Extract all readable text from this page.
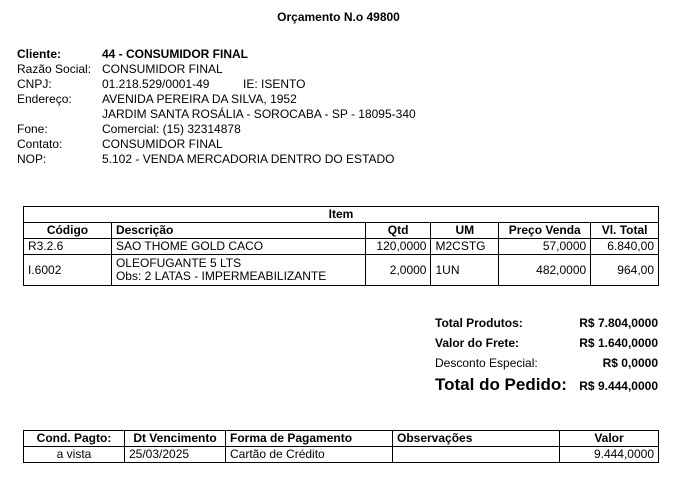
Orçamento N.o 49800
Cliente:	44 - CONSUMIDOR FINAL
Razão Social: CONSUMIDOR FINAL
CNPJ:	01.218.529/0001-49	IE: ISENTO
Endereço:	AVENIDA PEREIRA DA SILVA, 1952
JARDIM SANTA ROSÁLIA - SOROCABA - SP - 18095-340
Fone:	Comercial: (15) 32314878
Contato:	CONSUMIDOR FINAL
NOP:	5.102 - VENDA MERCADORIA DENTRO DO ESTADO
Item					
Código	Descrição	Qtd	UM	Preço Venda	Vl. Total
R3.2.6	SAO THOME GOLD CACO	120,0000	M2CSTG	57,0000	6.840,00
I.6002	OLEOFUGANTE 5 LTS
Obs: 2 LATAS - IMPERMEABILIZANTE	2,0000	1UN	482,0000	964,00
Total Produtos:	R$ 7.804,0000
Valor do Frete:	R$ 1.640,0000
Desconto Especial:	R$ 0,0000
Total do Pedido: R$ 9.444,0000
Cond. Pagto:	Dt Vencimento	Forma de Pagamento	Observações	Valor
a vista	25/03/2025	Cartão de Crédito		9.444,0000
